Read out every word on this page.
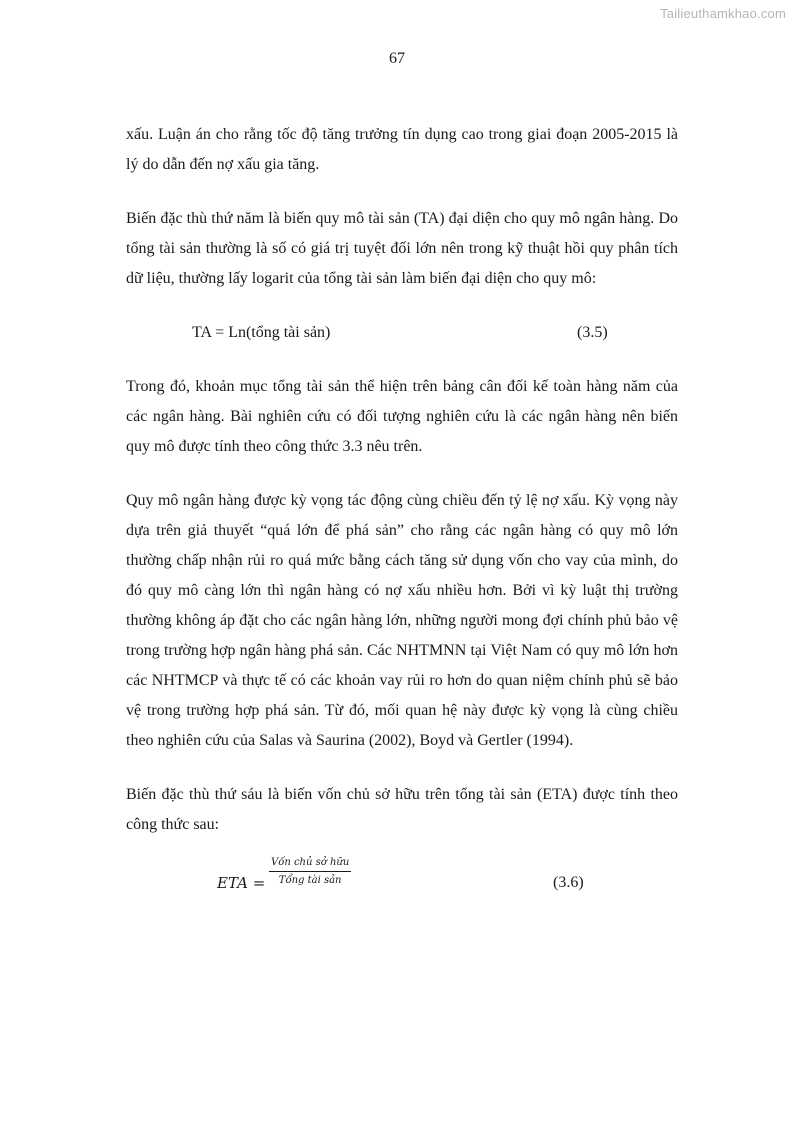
Tailieuthamkhao.com
67

xấu. Luận án cho rằng tốc độ tăng trưởng tín dụng cao trong giai đoạn 2005-2015 là lý do dẫn đến nợ xấu gia tăng.

Biến đặc thù thứ năm là biến quy mô tài sản (TA) đại diện cho quy mô ngân hàng. Do tổng tài sản thường là số có giá trị tuyệt đối lớn nên trong kỹ thuật hồi quy phân tích dữ liệu, thường lấy logarit của tổng tài sản làm biến đại diện cho quy mô:

TA = Ln(tổng tài sản)	(3.5)

Trong đó, khoản mục tổng tài sản thể hiện trên bảng cân đối kế toàn hàng năm của các ngân hàng. Bài nghiên cứu có đối tượng nghiên cứu là các ngân hàng nên biến quy mô được tính theo công thức 3.3 nêu trên.

Quy mô ngân hàng được kỳ vọng tác động cùng chiều đến tỷ lệ nợ xấu. Kỳ vọng này dựa trên giả thuyết “quá lớn để phá sản” cho rằng các ngân hàng có quy mô lớn thường chấp nhận rủi ro quá mức bằng cách tăng sử dụng vốn cho vay của mình, do đó quy mô càng lớn thì ngân hàng có nợ xấu nhiều hơn. Bởi vì kỳ luật thị trường thường không áp đặt cho các ngân hàng lớn, những người mong đợi chính phủ bảo vệ trong trường hợp ngân hàng phá sản. Các NHTMNN tại Việt Nam có quy mô lớn hơn các NHTMCP và thực tế có các khoản vay rủi ro hơn do quan niệm chính phủ sẽ bảo vệ trong trường hợp phá sản. Từ đó, mối quan hệ này được kỳ vọng là cùng chiều theo nghiên cứu của Salas và Saurina (2002), Boyd và Gertler (1994).

Biến đặc thù thứ sáu là biến vốn chủ sở hữu trên tổng tài sản (ETA) được tính theo công thức sau:

ETA =
Vốn chủ sở hữu
Tổng tài sản	(3.6)
